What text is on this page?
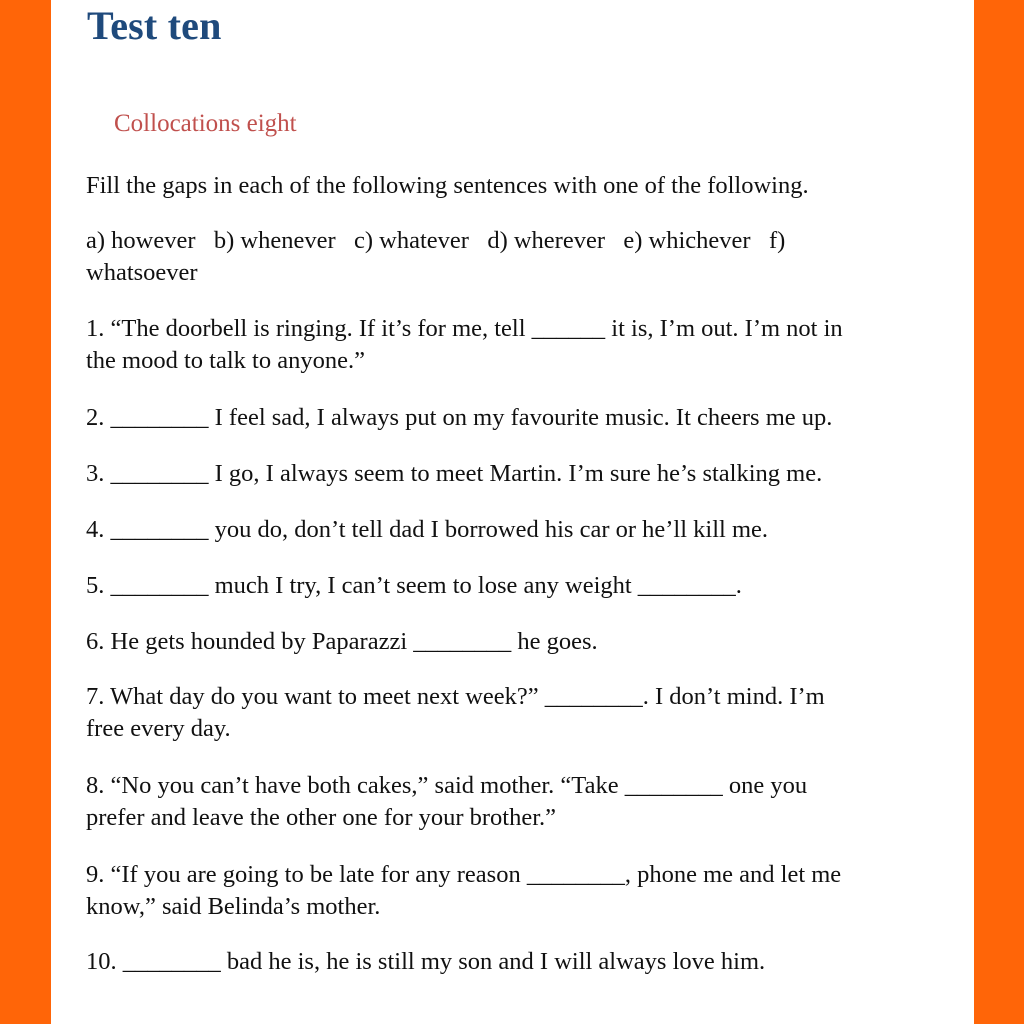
Test ten
Collocations eight

Fill the gaps in each of the following sentences with one of the following.

a) however   b) whenever   c) whatever   d) wherever   e) whichever   f)
whatsoever

1. “The doorbell is ringing. If it’s for me, tell ______ it is, I’m out. I’m not in
the mood to talk to anyone.”

2. ________ I feel sad, I always put on my favourite music. It cheers me up.

3. ________ I go, I always seem to meet Martin. I’m sure he’s stalking me.

4. ________ you do, don’t tell dad I borrowed his car or he’ll kill me.

5. ________ much I try, I can’t seem to lose any weight ________.

6. He gets hounded by Paparazzi ________ he goes.

7. What day do you want to meet next week?” ________. I don’t mind. I’m
free every day.

8. “No you can’t have both cakes,” said mother. “Take ________ one you
prefer and leave the other one for your brother.”

9. “If you are going to be late for any reason ________, phone me and let me
know,” said Belinda’s mother.

10. ________ bad he is, he is still my son and I will always love him.
